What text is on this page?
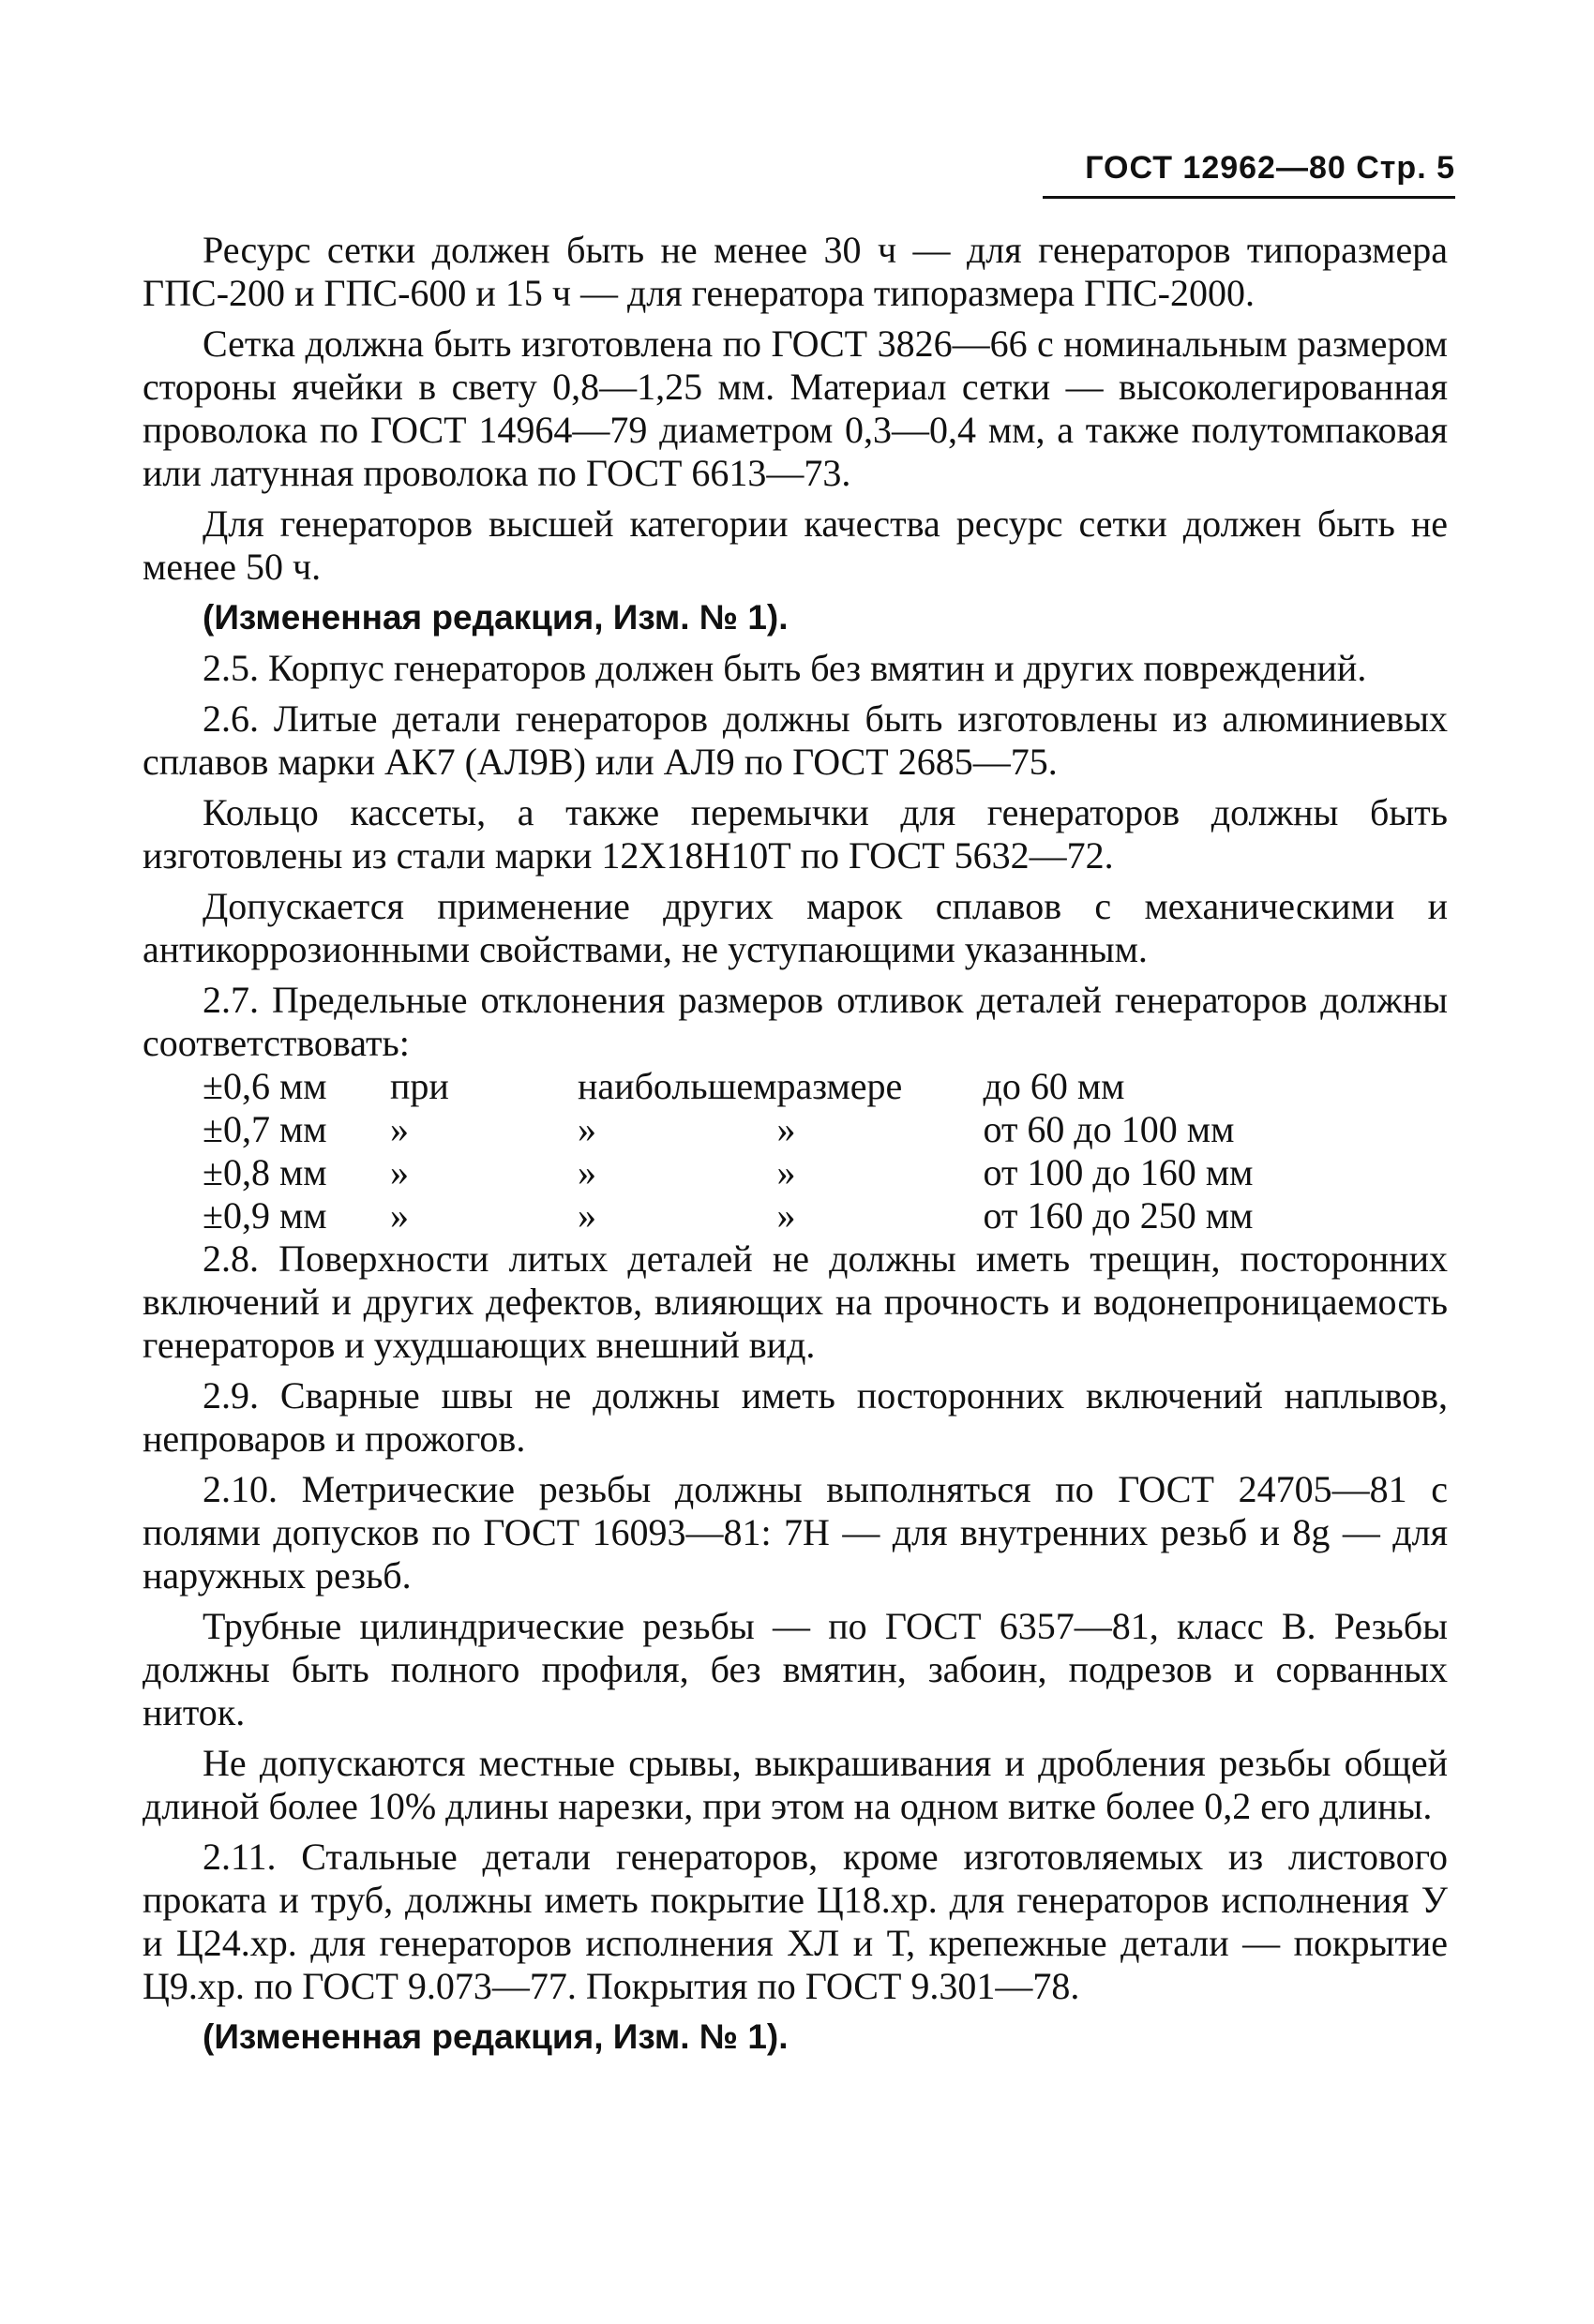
ГОСТ 12962—80 Стр. 5

Ресурс сетки должен быть не менее 30 ч — для генераторов типоразмера ГПС-200 и ГПС-600 и 15 ч — для генератора типоразмера ГПС-2000.

Сетка должна быть изготовлена по ГОСТ 3826—66 с номинальным размером стороны ячейки в свету 0,8—1,25 мм. Материал сетки — высоколегированная проволока по ГОСТ 14964—79 диаметром 0,3—0,4 мм, а также полутомпаковая или латунная проволока по ГОСТ 6613—73.

Для генераторов высшей категории качества ресурс сетки должен быть не менее 50 ч.

(Измененная редакция, Изм. № 1).

2.5. Корпус генераторов должен быть без вмятин и других повреждений.

2.6. Литые детали генераторов должны быть изготовлены из алюминиевых сплавов марки АК7 (АЛ9В) или АЛ9 по ГОСТ 2685—75.

Кольцо кассеты, а также перемычки для генераторов должны быть изготовлены из стали марки 12Х18Н10Т по ГОСТ 5632—72.

Допускается применение других марок сплавов с механическими и антикоррозионными свойствами, не уступающими указанным.

2.7. Предельные отклонения размеров отливок деталей генераторов должны соответствовать:

±0,6 мм	при	наибольшем	размере	до 60 мм
±0,7 мм	»	»	»	от 60 до 100 мм
±0,8 мм	»	»	»	от 100 до 160 мм
±0,9 мм	»	»	»	от 160 до 250 мм

2.8. Поверхности литых деталей не должны иметь трещин, посторонних включений и других дефектов, влияющих на прочность и водонепроницаемость генераторов и ухудшающих внешний вид.

2.9. Сварные швы не должны иметь посторонних включений наплывов, непроваров и прожогов.

2.10. Метрические резьбы должны выполняться по ГОСТ 24705—81 с полями допусков по ГОСТ 16093—81: 7Н — для внутренних резьб и 8g — для наружных резьб.

Трубные цилиндрические резьбы — по ГОСТ 6357—81, класс В. Резьбы должны быть полного профиля, без вмятин, забоин, подрезов и сорванных ниток.

Не допускаются местные срывы, выкрашивания и дробления резьбы общей длиной более 10% длины нарезки, при этом на одном витке более 0,2 его длины.

2.11. Стальные детали генераторов, кроме изготовляемых из листового проката и труб, должны иметь покрытие Ц18.хр. для генераторов исполнения У и Ц24.хр. для генераторов исполнения ХЛ и Т, крепежные детали — покрытие Ц9.хр. по ГОСТ 9.073—77. Покрытия по ГОСТ 9.301—78.

(Измененная редакция, Изм. № 1).
